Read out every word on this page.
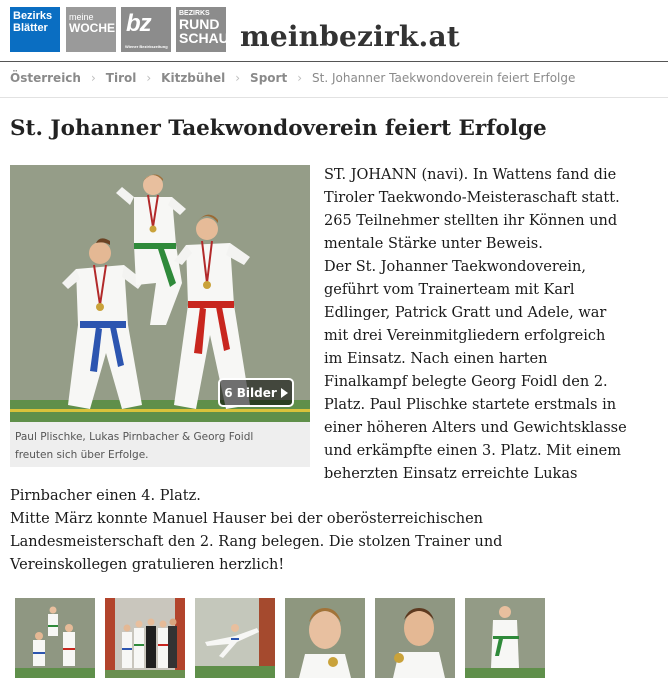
Bezirks
Blätter
meine
WOCHE bz
Wiener Bezirkszeitung
BEZIRKS
RUND
SCHAU meinbezirk.at
Österreich › Tirol › Kitzbühel › Sport › St. Johanner Taekwondoverein feiert Erfolge
St. Johanner Taekwondoverein feiert Erfolge
6 Bilder
Paul Plischke, Lukas Pirnbacher & Georg Foidl
freuten sich über Erfolge.

ST. JOHANN (navi). In Wattens fand die

Tiroler Taekwondo-Meisteraschaft statt.

265 Teilnehmer stellten ihr Können und

mentale Stärke unter Beweis.

Der St. Johanner Taekwondoverein,

geführt vom Trainerteam mit Karl

Edlinger, Patrick Gratt und Adele, war

mit drei Vereinmitgliedern erfolgreich

im Einsatz. Nach einen harten

Finalkampf belegte Georg Foidl den 2.

Platz. Paul Plischke startete erstmals in

einer höheren Alters und Gewichtsklasse

und erkämpfte einen 3. Platz. Mit einem

beherzten Einsatz erreichte Lukas

Pirnbacher einen 4. Platz.

Mitte März konnte Manuel Hauser bei der oberösterreichischen

Landesmeisterschaft den 2. Rang belegen. Die stolzen Trainer und

Vereinskollegen gratulieren herzlich!
